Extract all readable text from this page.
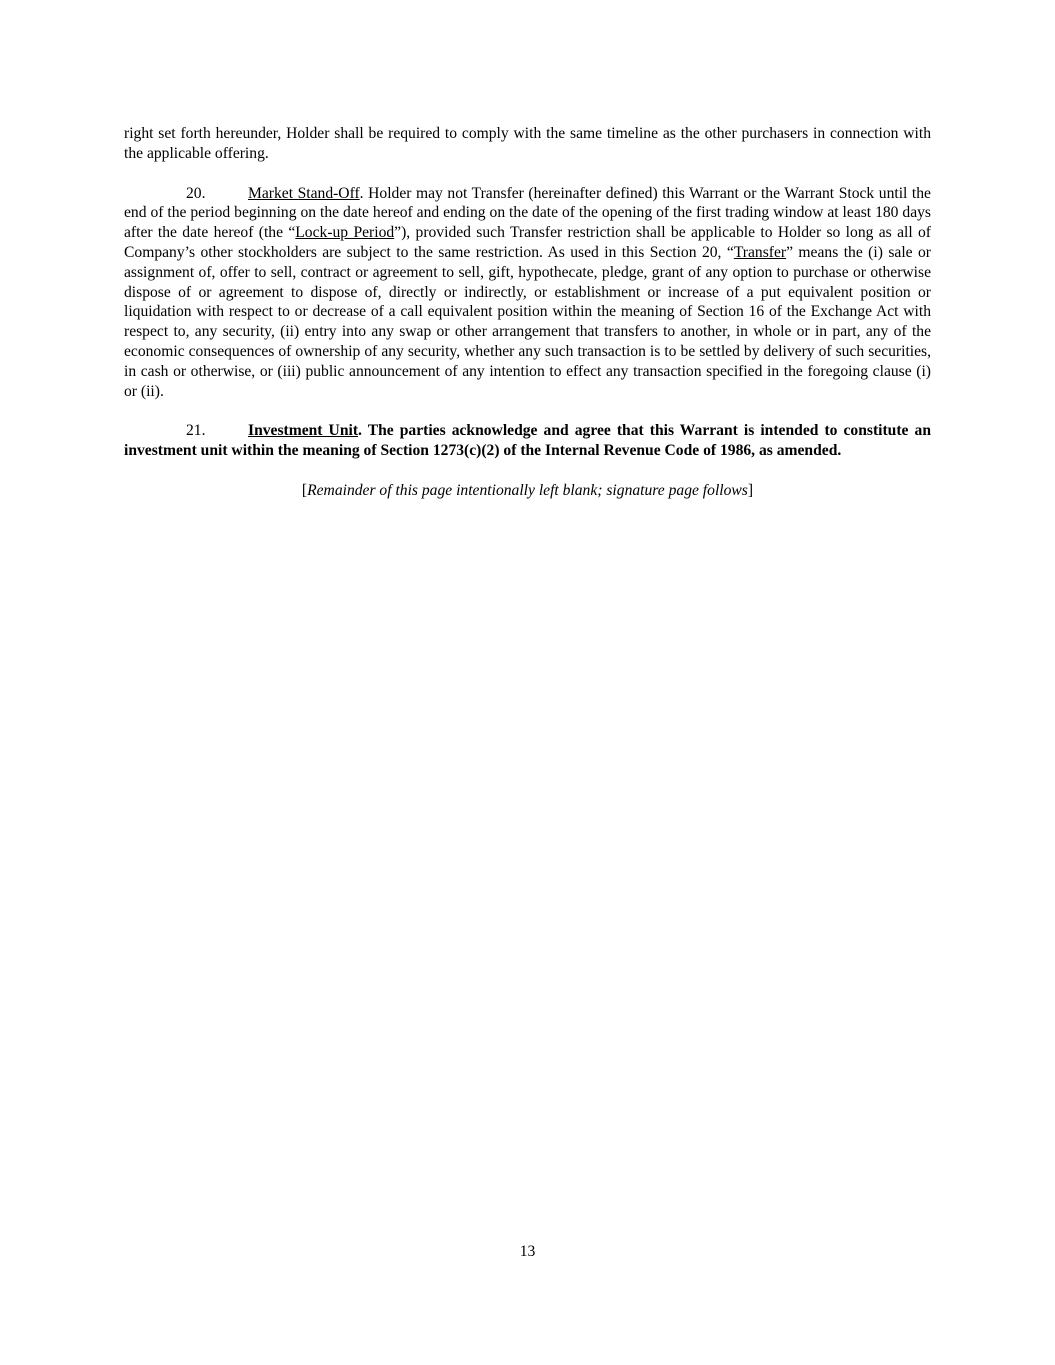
right set forth hereunder, Holder shall be required to comply with the same timeline as the other purchasers in connection with the applicable offering.

20.	Market Stand-Off. Holder may not Transfer (hereinafter defined) this Warrant or the Warrant Stock until the end of the period beginning on the date hereof and ending on the date of the opening of the first trading window at least 180 days after the date hereof (the “Lock-up Period”), provided such Transfer restriction shall be applicable to Holder so long as all of Company’s other stockholders are subject to the same restriction. As used in this Section 20, “Transfer” means the (i) sale or assignment of, offer to sell, contract or agreement to sell, gift, hypothecate, pledge, grant of any option to purchase or otherwise dispose of or agreement to dispose of, directly or indirectly, or establishment or increase of a put equivalent position or liquidation with respect to or decrease of a call equivalent position within the meaning of Section 16 of the Exchange Act with respect to, any security, (ii) entry into any swap or other arrangement that transfers to another, in whole or in part, any of the economic consequences of ownership of any security, whether any such transaction is to be settled by delivery of such securities, in cash or otherwise, or (iii) public announcement of any intention to effect any transaction specified in the foregoing clause (i) or (ii).

21.	Investment Unit. The parties acknowledge and agree that this Warrant is intended to constitute an investment unit within the meaning of Section 1273(c)(2) of the Internal Revenue Code of 1986, as amended.

[Remainder of this page intentionally left blank; signature page follows]

13
